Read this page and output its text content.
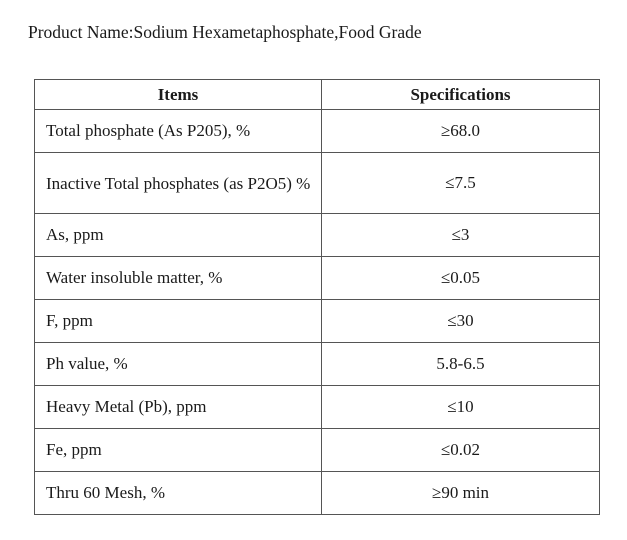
Product Name:Sodium Hexametaphosphate,Food Grade
Items	Specifications
Total phosphate (As P205), %	≥68.0
Inactive Total phosphates (as P2O5) %	≤7.5
As, ppm	≤3
Water insoluble matter, %	≤0.05
F, ppm	≤30
Ph value, %	5.8-6.5
Heavy Metal (Pb), ppm	≤10
Fe, ppm	≤0.02
Thru 60 Mesh, %	≥90 min
